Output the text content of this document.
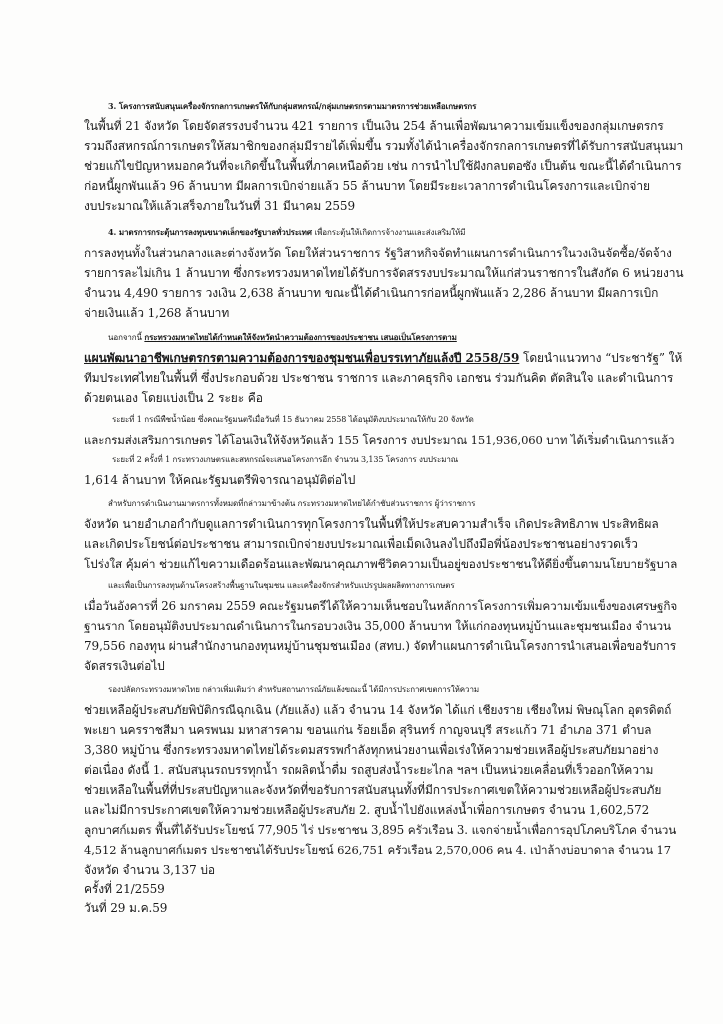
3. โครงการสนับสนุนเครื่องจักรกลการเกษตรให้กับกลุ่มสหกรณ์/กลุ่มเกษตรกรตามมาตรการช่วยเหลือเกษตรกร
ในพื้นที่ 21 จังหวัด โดยจัดสรรงบจำนวน 421 รายการ เป็นเงิน 254 ล้านเพื่อพัฒนาความเข้มแข็งของกลุ่มเกษตรกร
รวมถึงสหกรณ์การเกษตรให้สมาชิกของกลุ่มมีรายได้เพิ่มขึ้น รวมทั้งได้นำเครื่องจักรกลการเกษตรที่ได้รับการสนับสนุนมา
ช่วยแก้ไขปัญหาหมอกควันที่จะเกิดขึ้นในพื้นที่ภาคเหนือด้วย เช่น การนำไปใช้ฝังกลบตอซัง เป็นต้น ขณะนี้ได้ดำเนินการ
ก่อหนี้ผูกพันแล้ว 96 ล้านบาท มีผลการเบิกจ่ายแล้ว 55 ล้านบาท โดยมีระยะเวลาการดำเนินโครงการและเบิกจ่าย
งบประมาณให้แล้วเสร็จภายในวันที่ 31 มีนาคม 2559
4. มาตรการกระตุ้นการลงทุนขนาดเล็กของรัฐบาลทั่วประเทศ เพื่อกระตุ้นให้เกิดการจ้างงานและส่งเสริมให้มี
การลงทุนทั้งในส่วนกลางและต่างจังหวัด โดยให้ส่วนราชการ รัฐวิสาหกิจจัดทำแผนการดำเนินการในวงเงินจัดซื้อ/จัดจ้าง
รายการละไม่เกิน 1 ล้านบาท ซึ่งกระทรวงมหาดไทยได้รับการจัดสรรงบประมาณให้แก่ส่วนราชการในสังกัด 6 หน่วยงาน
จำนวน 4,490 รายการ วงเงิน 2,638 ล้านบาท ขณะนี้ได้ดำเนินการก่อหนี้ผูกพันแล้ว 2,286 ล้านบาท มีผลการเบิก
จ่ายเงินแล้ว 1,268 ล้านบาท
นอกจากนี้ กระทรวงมหาดไทยได้กำหนดให้จังหวัดนำความต้องการของประชาชน เสนอเป็นโครงการตาม
แผนพัฒนาอาชีพเกษตรกรตามความต้องการของชุมชนเพื่อบรรเทาภัยแล้งปี 2558/59 โดยนำแนวทาง “ประชารัฐ” ให้
ทีมประเทศไทยในพื้นที่ ซึ่งประกอบด้วย ประชาชน ราชการ และภาคธุรกิจ เอกชน ร่วมกันคิด ตัดสินใจ และดำเนินการ
ด้วยตนเอง โดยแบ่งเป็น 2 ระยะ คือ
ระยะที่ 1 กรณีพืชน้ำน้อย ซึ่งคณะรัฐมนตรีเมื่อวันที่ 15 ธันวาคม 2558 ได้อนุมัติงบประมาณให้กับ 20 จังหวัด
และกรมส่งเสริมการเกษตร ได้โอนเงินให้จังหวัดแล้ว 155 โครงการ งบประมาณ 151,936,060 บาท ได้เริ่มดำเนินการแล้ว
ระยะที่ 2 ครั้งที่ 1 กระทรวงเกษตรและสหกรณ์จะเสนอโครงการอีก จำนวน 3,135 โครงการ งบประมาณ
1,614 ล้านบาท ให้คณะรัฐมนตรีพิจารณาอนุมัติต่อไป
สำหรับการดำเนินงานมาตรการทั้งหมดที่กล่าวมาข้างต้น กระทรวงมหาดไทยได้กำชับส่วนราชการ ผู้ว่าราชการ
จังหวัด นายอำเภอกำกับดูแลการดำเนินการทุกโครงการในพื้นที่ให้ประสบความสำเร็จ เกิดประสิทธิภาพ ประสิทธิผล
และเกิดประโยชน์ต่อประชาชน สามารถเบิกจ่ายงบประมาณเพื่อเม็ดเงินลงไปถึงมือพี่น้องประชาชนอย่างรวดเร็ว
โปร่งใส คุ้มค่า ช่วยแก้ไขความเดือดร้อนและพัฒนาคุณภาพชีวิตความเป็นอยู่ของประชาชนให้ดียิ่งขึ้นตามนโยบายรัฐบาล
และเพื่อเป็นการลงทุนด้านโครงสร้างพื้นฐานในชุมชน และเครื่องจักรสำหรับแปรรูปผลผลิตทางการเกษตร
เมื่อวันอังคารที่ 26 มกราคม 2559 คณะรัฐมนตรีได้ให้ความเห็นชอบในหลักการโครงการเพิ่มความเข้มแข็งของเศรษฐกิจ
ฐานราก โดยอนุมัติงบประมาณดำเนินการในกรอบวงเงิน 35,000 ล้านบาท ให้แก่กองทุนหมู่บ้านและชุมชนเมือง จำนวน
79,556 กองทุน ผ่านสำนักงานกองทุนหมู่บ้านชุมชนเมือง (สทบ.) จัดทำแผนการดำเนินโครงการนำเสนอเพื่อขอรับการ
จัดสรรเงินต่อไป
รองปลัดกระทรวงมหาดไทย กล่าวเพิ่มเติมว่า สำหรับสถานการณ์ภัยแล้งขณะนี้ ได้มีการประกาศเขตการให้ความ
ช่วยเหลือผู้ประสบภัยพิบัติกรณีฉุกเฉิน (ภัยแล้ง) แล้ว จำนวน 14 จังหวัด ได้แก่ เชียงราย เชียงใหม่ พิษณุโลก อุตรดิตถ์
พะเยา นครราชสีมา นครพนม มหาสารคาม ขอนแก่น ร้อยเอ็ด สุรินทร์ กาญจนบุรี สระแก้ว 71 อำเภอ 371 ตำบล
3,380 หมู่บ้าน ซึ่งกระทรวงมหาดไทยได้ระดมสรรพกำลังทุกหน่วยงานเพื่อเร่งให้ความช่วยเหลือผู้ประสบภัยมาอย่าง
ต่อเนื่อง ดังนี้ 1. สนับสนุนรถบรรทุกน้ำ รถผลิตน้ำดื่ม รถสูบส่งน้ำระยะไกล ฯลฯ เป็นหน่วยเคลื่อนที่เร็วออกให้ความ
ช่วยเหลือในพื้นที่ที่ประสบปัญหาและจังหวัดที่ขอรับการสนับสนุนทั้งที่มีการประกาศเขตให้ความช่วยเหลือผู้ประสบภัย
และไม่มีการประกาศเขตให้ความช่วยเหลือผู้ประสบภัย 2. สูบน้ำไปยังแหล่งน้ำเพื่อการเกษตร จำนวน 1,602,572
ลูกบาศก์เมตร พื้นที่ได้รับประโยชน์ 77,905 ไร่ ประชาชน 3,895 ครัวเรือน 3. แจกจ่ายน้ำเพื่อการอุปโภคบริโภค จำนวน
4,512 ล้านลูกบาศก์เมตร ประชาชนได้รับประโยชน์ 626,751 ครัวเรือน 2,570,006 คน 4. เป่าล้างบ่อบาดาล จำนวน 17
จังหวัด จำนวน 3,137 บ่อ
ครั้งที่ 21/2559
วันที่ 29 ม.ค.59
